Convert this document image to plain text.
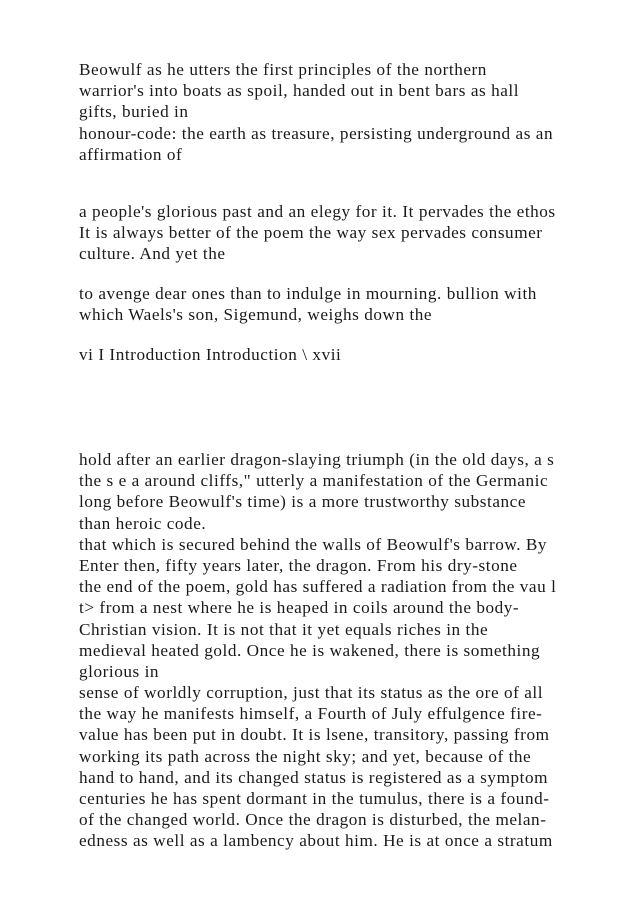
Beowulf as he utters the first principles of the northern
warrior's into boats as spoil, handed out in bent bars as hall
gifts, buried in
honour-code: the earth as treasure, persisting underground as an
affirmation of
a people's glorious past and an elegy for it. It pervades the ethos
It is always better of the poem the way sex pervades consumer
culture. And yet the
to avenge dear ones than to indulge in mourning. bullion with
which Waels's son, Sigemund, weighs down the
vi I Introduction Introduction \ xvii
hold after an earlier dragon-slaying triumph (in the old days, a s
the s e a around cliffs," utterly a manifestation of the Germanic
long before Beowulf's time) is a more trustworthy substance
than heroic code.
that which is secured behind the walls of Beowulf's barrow. By
Enter then, fifty years later, the dragon. From his dry-stone
the end of the poem, gold has suffered a radiation from the vau l
t> from a nest where he is heaped in coils around the body-
Christian vision. It is not that it yet equals riches in the
medieval heated gold. Once he is wakened, there is something
glorious in
sense of worldly corruption, just that its status as the ore of all
the way he manifests himself, a Fourth of July effulgence fire-
value has been put in doubt. It is lsene, transitory, passing from
working its path across the night sky; and yet, because of the
hand to hand, and its changed status is registered as a symptom
centuries he has spent dormant in the tumulus, there is a found-
of the changed world. Once the dragon is disturbed, the melan-
edness as well as a lambency about him. He is at once a stratum
